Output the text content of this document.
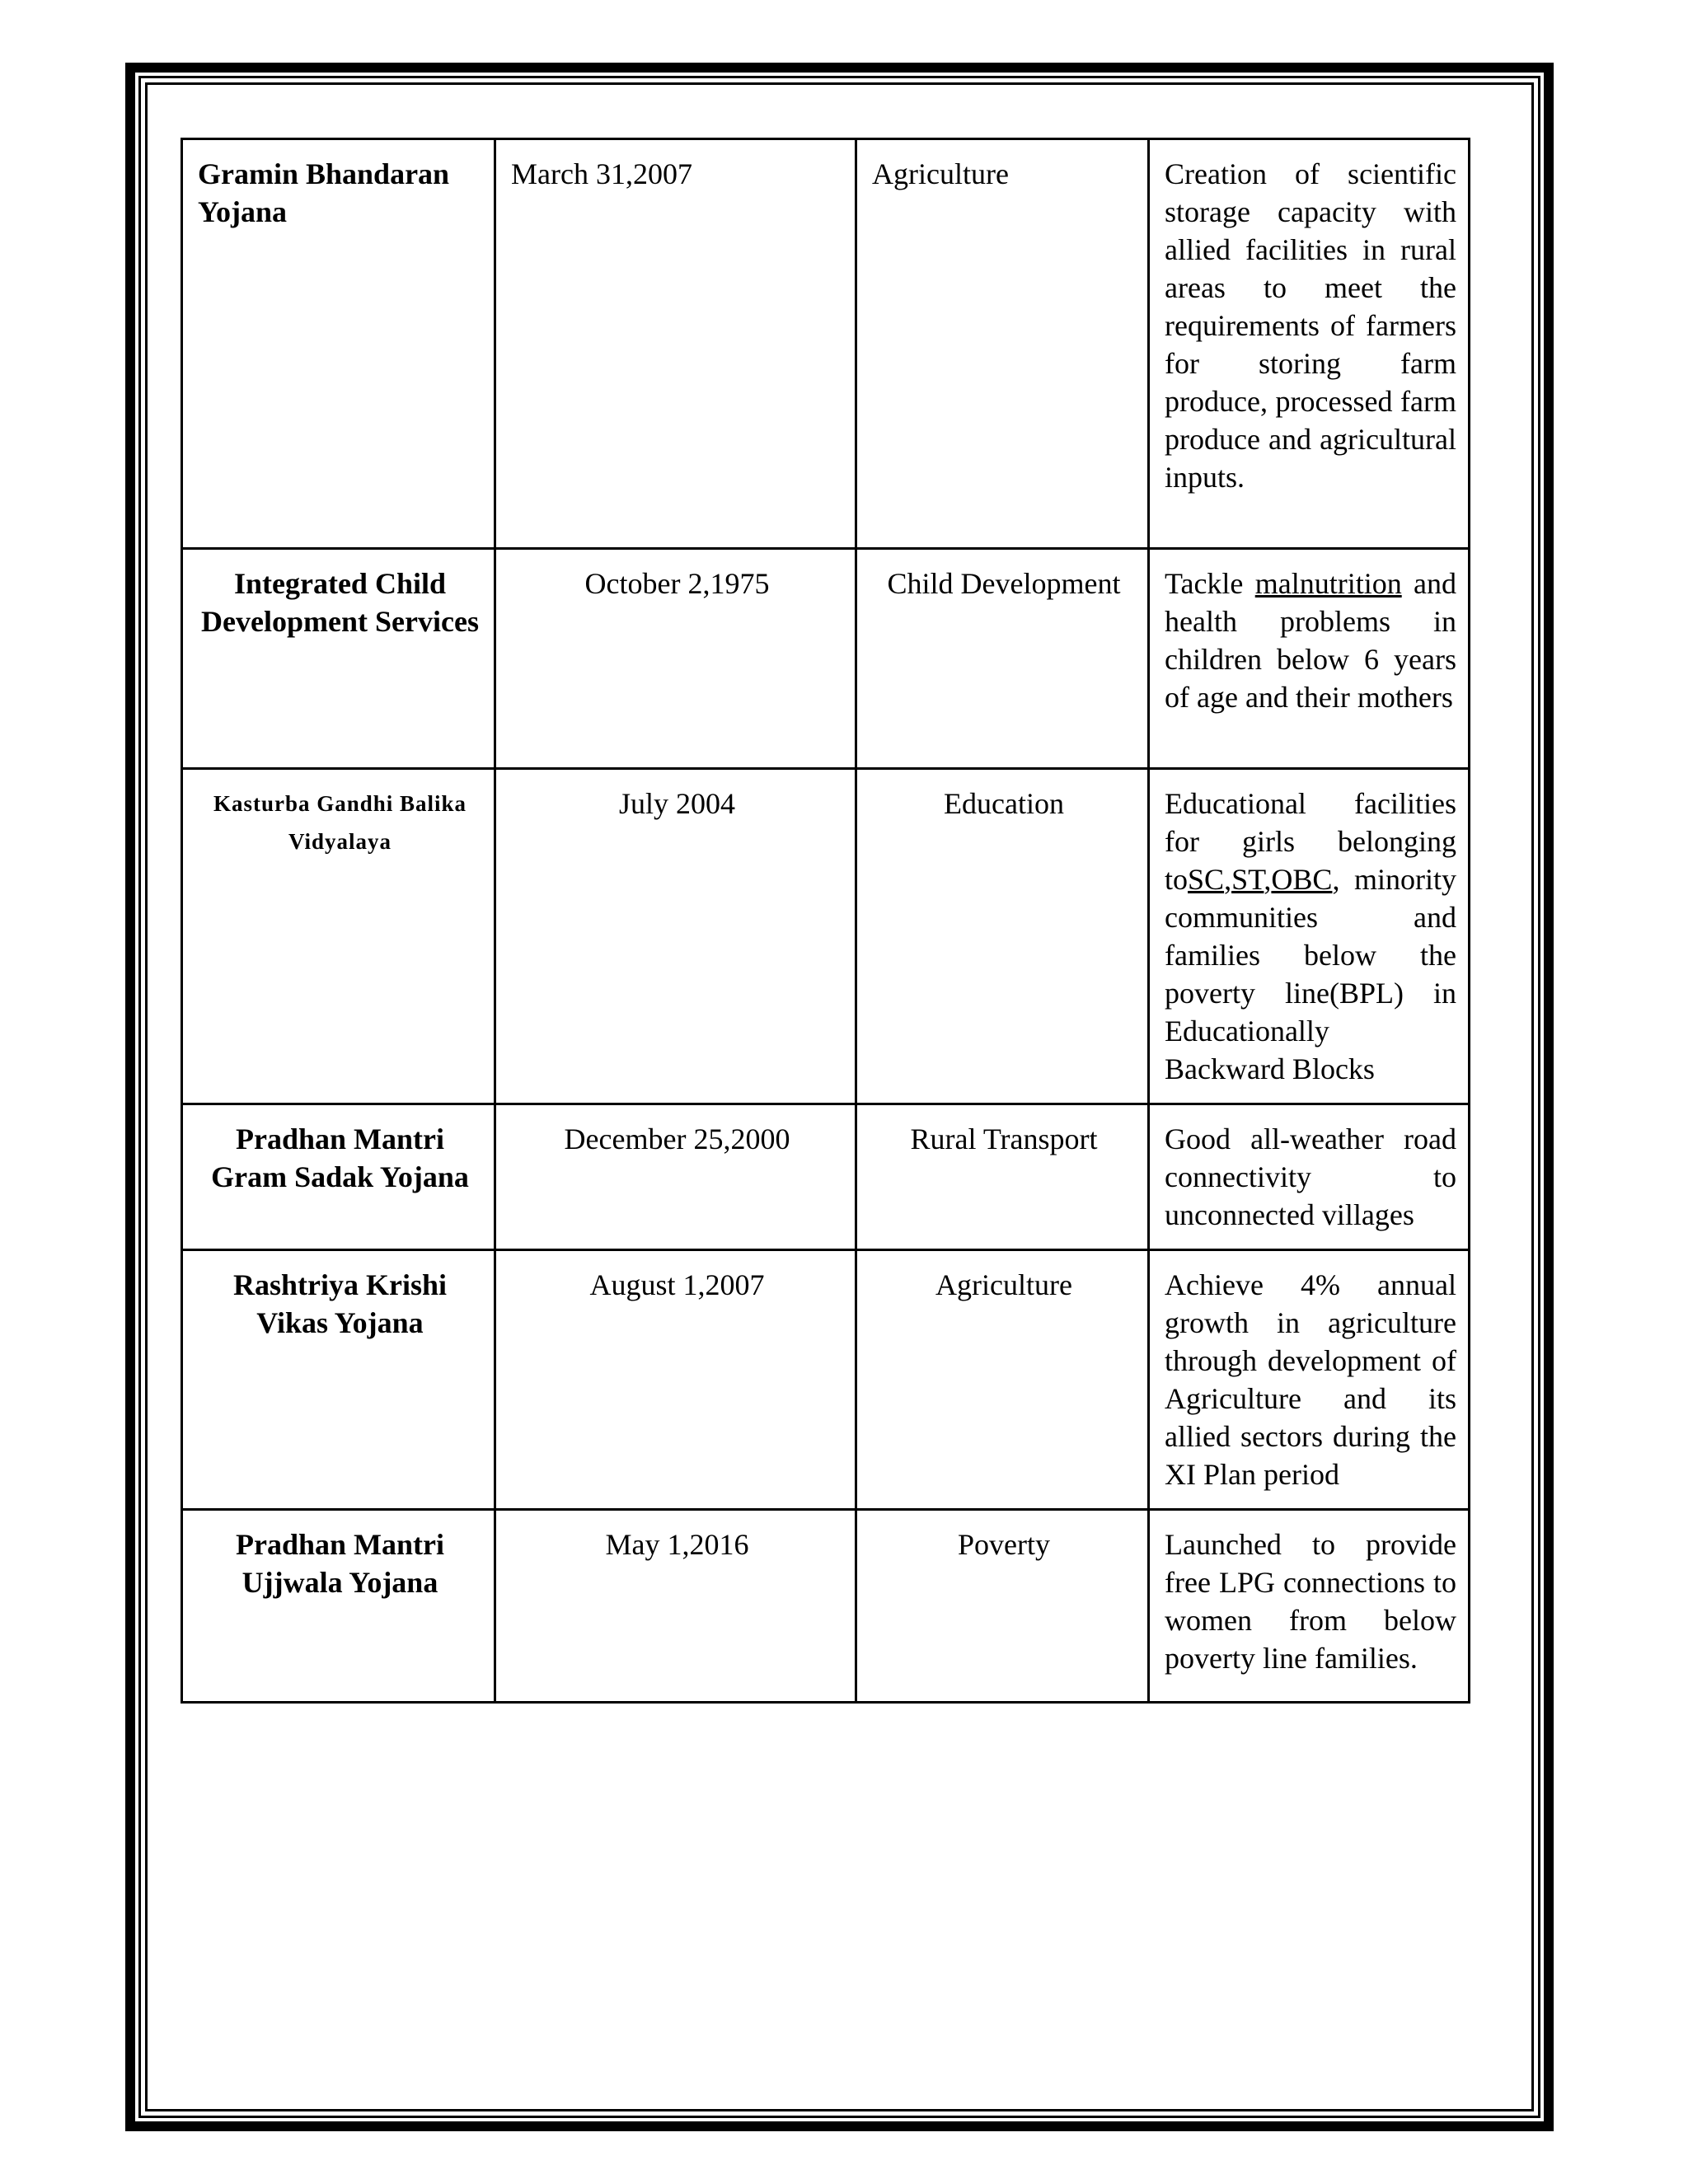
Gramin Bhandaran Yojana	March 31,2007	Agriculture	Creation of scientific storage capacity with allied facilities in rural areas to meet the requirements of farmers for storing farm produce, processed farm produce and agricultural inputs.
Integrated Child Development Services	October 2,1975	Child Development	Tackle malnutrition and health problems in children below 6 years of age and their mothers
Kasturba Gandhi Balika Vidyalaya	July 2004	Education	Educational facilities for girls belonging toSC,ST,OBC, minority communities and families below the poverty line(BPL) in Educationally Backward Blocks
Pradhan Mantri Gram Sadak Yojana	December 25,2000	Rural Transport	Good all-weather road connectivity to unconnected villages
Rashtriya Krishi Vikas Yojana	August 1,2007	Agriculture	Achieve 4% annual growth in agriculture through development of Agriculture and its allied sectors during the XI Plan period
Pradhan Mantri Ujjwala Yojana	May 1,2016	Poverty	Launched to provide free LPG connections to women from below poverty line families.
